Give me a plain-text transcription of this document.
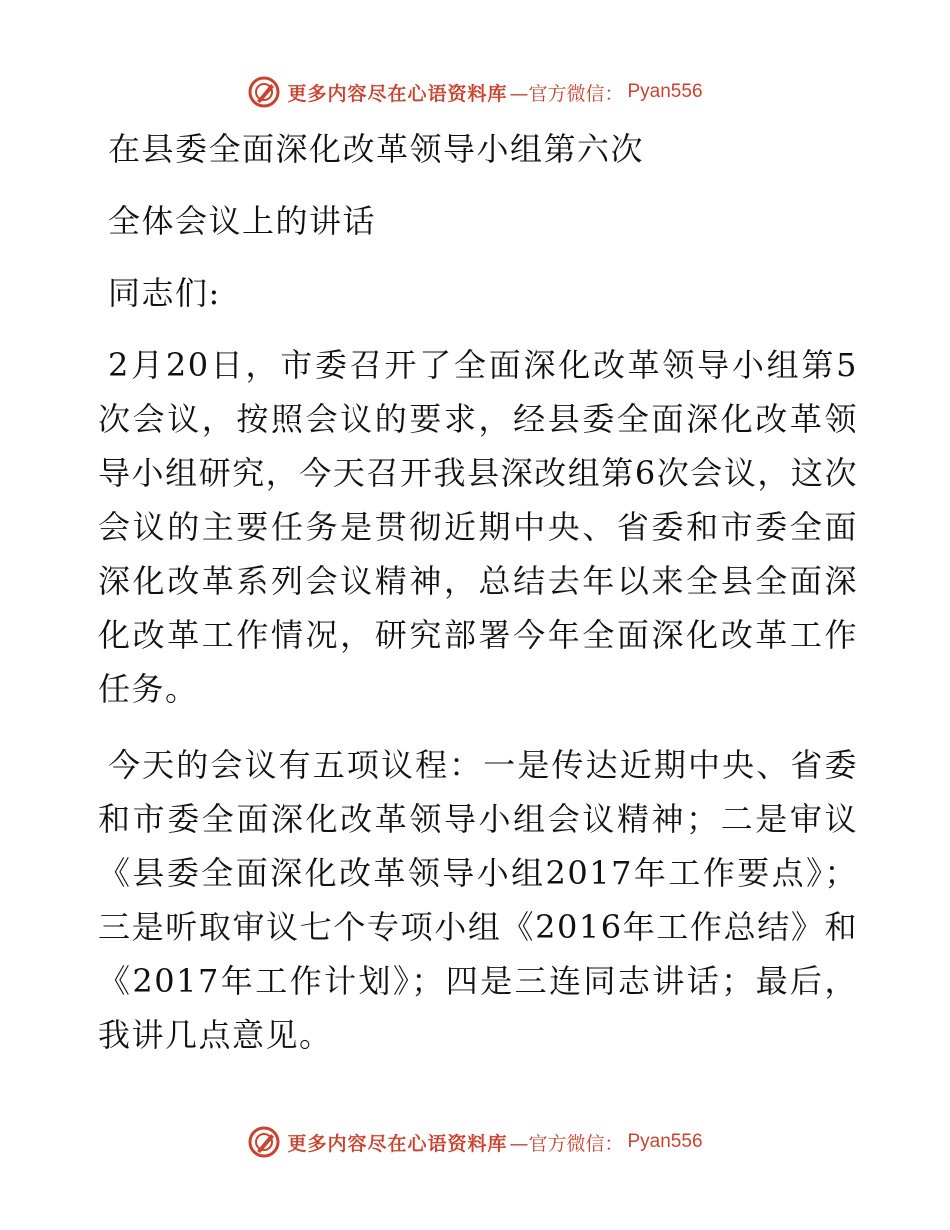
更多内容尽在心语资料库 —官方微信： Pyan556

在县委全面深化改革领导小组第六次

全体会议上的讲话

同志们:

2月20日，市委召开了全面深化改革领导小组第5次会议，按照会议的要求，经县委全面深化改革领导小组研究，今天召开我县深改组第6次会议，这次会议的主要任务是贯彻近期中央、省委和市委全面深化改革系列会议精神，总结去年以来全县全面深化改革工作情况，研究部署今年全面深化改革工作任务。

今天的会议有五项议程：一是传达近期中央、省委和市委全面深化改革领导小组会议精神；二是审议《县委全面深化改革领导小组2017年工作要点》；三是听取审议七个专项小组《2016年工作总结》和《2017年工作计划》；四是三连同志讲话；最后，我讲几点意见。

更多内容尽在心语资料库 —官方微信： Pyan556
